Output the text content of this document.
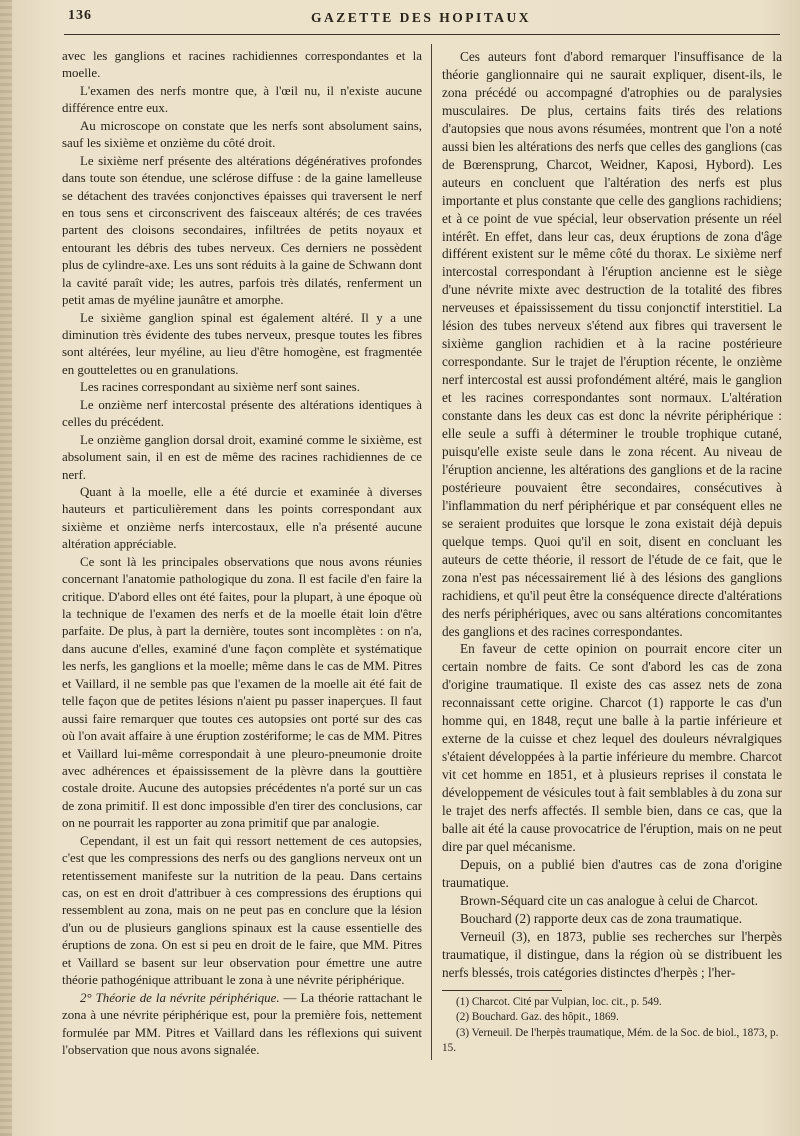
136	GAZETTE DES HOPITAUX

avec les ganglions et racines rachidiennes correspondantes et la moelle.

L'examen des nerfs montre que, à l'œil nu, il n'existe aucune différence entre eux.

Au microscope on constate que les nerfs sont absolument sains, sauf les sixième et onzième du côté droit.

Le sixième nerf présente des altérations dégénératives profondes dans toute son étendue, une sclérose diffuse : de la gaine lamelleuse se détachent des travées conjonctives épaisses qui traversent le nerf en tous sens et circonscrivent des faisceaux altérés; de ces travées partent des cloisons secondaires, infiltrées de petits noyaux et entourant les débris des tubes nerveux. Ces derniers ne possèdent plus de cylindre-axe. Les uns sont réduits à la gaine de Schwann dont la cavité paraît vide; les autres, parfois très dilatés, renferment un petit amas de myéline jaunâtre et amorphe.

Le sixième ganglion spinal est également altéré. Il y a une diminution très évidente des tubes nerveux, presque toutes les fibres sont altérées, leur myéline, au lieu d'être homogène, est fragmentée en gouttelettes ou en granulations.

Les racines correspondant au sixième nerf sont saines.

Le onzième nerf intercostal présente des altérations identiques à celles du précédent.

Le onzième ganglion dorsal droit, examiné comme le sixième, est absolument sain, il en est de même des racines rachidiennes de ce nerf.

Quant à la moelle, elle a été durcie et examinée à diverses hauteurs et particulièrement dans les points correspondant aux sixième et onzième nerfs intercostaux, elle n'a présenté aucune altération appréciable.

Ce sont là les principales observations que nous avons réunies concernant l'anatomie pathologique du zona. Il est facile d'en faire la critique. D'abord elles ont été faites, pour la plupart, à une époque où la technique de l'examen des nerfs et de la moelle était loin d'être parfaite. De plus, à part la dernière, toutes sont incomplètes : on n'a, dans aucune d'elles, examiné d'une façon complète et systématique les nerfs, les ganglions et la moelle; même dans le cas de MM. Pitres et Vaillard, il ne semble pas que l'examen de la moelle ait été fait de telle façon que de petites lésions n'aient pu passer inaperçues. Il faut aussi faire remarquer que toutes ces autopsies ont porté sur des cas où l'on avait affaire à une éruption zostériforme; le cas de MM. Pitres et Vaillard lui-même correspondait à une pleuro-pneumonie droite avec adhérences et épaississement de la plèvre dans la gouttière costale droite. Aucune des autopsies précédentes n'a porté sur un cas de zona primitif. Il est donc impossible d'en tirer des conclusions, car on ne pourrait les rapporter au zona primitif que par analogie.

Cependant, il est un fait qui ressort nettement de ces autopsies, c'est que les compressions des nerfs ou des ganglions nerveux ont un retentissement manifeste sur la nutrition de la peau. Dans certains cas, on est en droit d'attribuer à ces compressions des éruptions qui ressemblent au zona, mais on ne peut pas en conclure que la lésion d'un ou de plusieurs ganglions spinaux est la cause essentielle des éruptions de zona. On est si peu en droit de le faire, que MM. Pitres et Vaillard se basent sur leur observation pour émettre une autre théorie pathogénique attribuant le zona à une névrite périphérique.

2° Théorie de la névrite périphérique. — La théorie rattachant le zona à une névrite périphérique est, pour la première fois, nettement formulée par MM. Pitres et Vaillard dans les réflexions qui suivent l'observation que nous avons signalée.

Ces auteurs font d'abord remarquer l'insuffisance de la théorie ganglionnaire qui ne saurait expliquer, disent-ils, le zona précédé ou accompagné d'atrophies ou de paralysies musculaires. De plus, certains faits tirés des relations d'autopsies que nous avons résumées, montrent que l'on a noté aussi bien les altérations des nerfs que celles des ganglions (cas de Bœrensprung, Charcot, Weidner, Kaposi, Hybord). Les auteurs en concluent que l'altération des nerfs est plus importante et plus constante que celle des ganglions rachidiens; et à ce point de vue spécial, leur observation présente un réel intérêt. En effet, dans leur cas, deux éruptions de zona d'âge différent existent sur le même côté du thorax. Le sixième nerf intercostal correspondant à l'éruption ancienne est le siège d'une névrite mixte avec destruction de la totalité des fibres nerveuses et épaississement du tissu conjonctif interstitiel. La lésion des tubes nerveux s'étend aux fibres qui traversent le sixième ganglion rachidien et à la racine postérieure correspondante. Sur le trajet de l'éruption récente, le onzième nerf intercostal est aussi profondément altéré, mais le ganglion et les racines correspondantes sont normaux. L'altération constante dans les deux cas est donc la névrite périphérique : elle seule a suffi à déterminer le trouble trophique cutané, puisqu'elle existe seule dans le zona récent. Au niveau de l'éruption ancienne, les altérations des ganglions et de la racine postérieure pouvaient être secondaires, consécutives à l'inflammation du nerf périphérique et par conséquent elles ne se seraient produites que lorsque le zona existait déjà depuis quelque temps. Quoi qu'il en soit, disent en concluant les auteurs de cette théorie, il ressort de l'étude de ce fait, que le zona n'est pas nécessairement lié à des lésions des ganglions rachidiens, et qu'il peut être la conséquence directe d'altérations des nerfs périphériques, avec ou sans altérations concomitantes des ganglions et des racines correspondantes.

En faveur de cette opinion on pourrait encore citer un certain nombre de faits. Ce sont d'abord les cas de zona d'origine traumatique. Il existe des cas assez nets de zona reconnaissant cette origine. Charcot (1) rapporte le cas d'un homme qui, en 1848, reçut une balle à la partie inférieure et externe de la cuisse et chez lequel des douleurs névralgiques s'étaient développées à la partie inférieure du membre. Charcot vit cet homme en 1851, et à plusieurs reprises il constata le développement de vésicules tout à fait semblables à du zona sur le trajet des nerfs affectés. Il semble bien, dans ce cas, que la balle ait été la cause provocatrice de l'éruption, mais on ne peut dire par quel mécanisme.

Depuis, on a publié bien d'autres cas de zona d'origine traumatique.

Brown-Séquard cite un cas analogue à celui de Charcot.

Bouchard (2) rapporte deux cas de zona traumatique.

Verneuil (3), en 1873, publie ses recherches sur l'herpès traumatique, il distingue, dans la région où se distribuent les nerfs blessés, trois catégories distinctes d'herpès ; l'her-

(1) Charcot. Cité par Vulpian, loc. cit., p. 549.

(2) Bouchard. Gaz. des hôpit., 1869.

(3) Verneuil. De l'herpès traumatique, Mém. de la Soc. de biol., 1873, p. 15.
